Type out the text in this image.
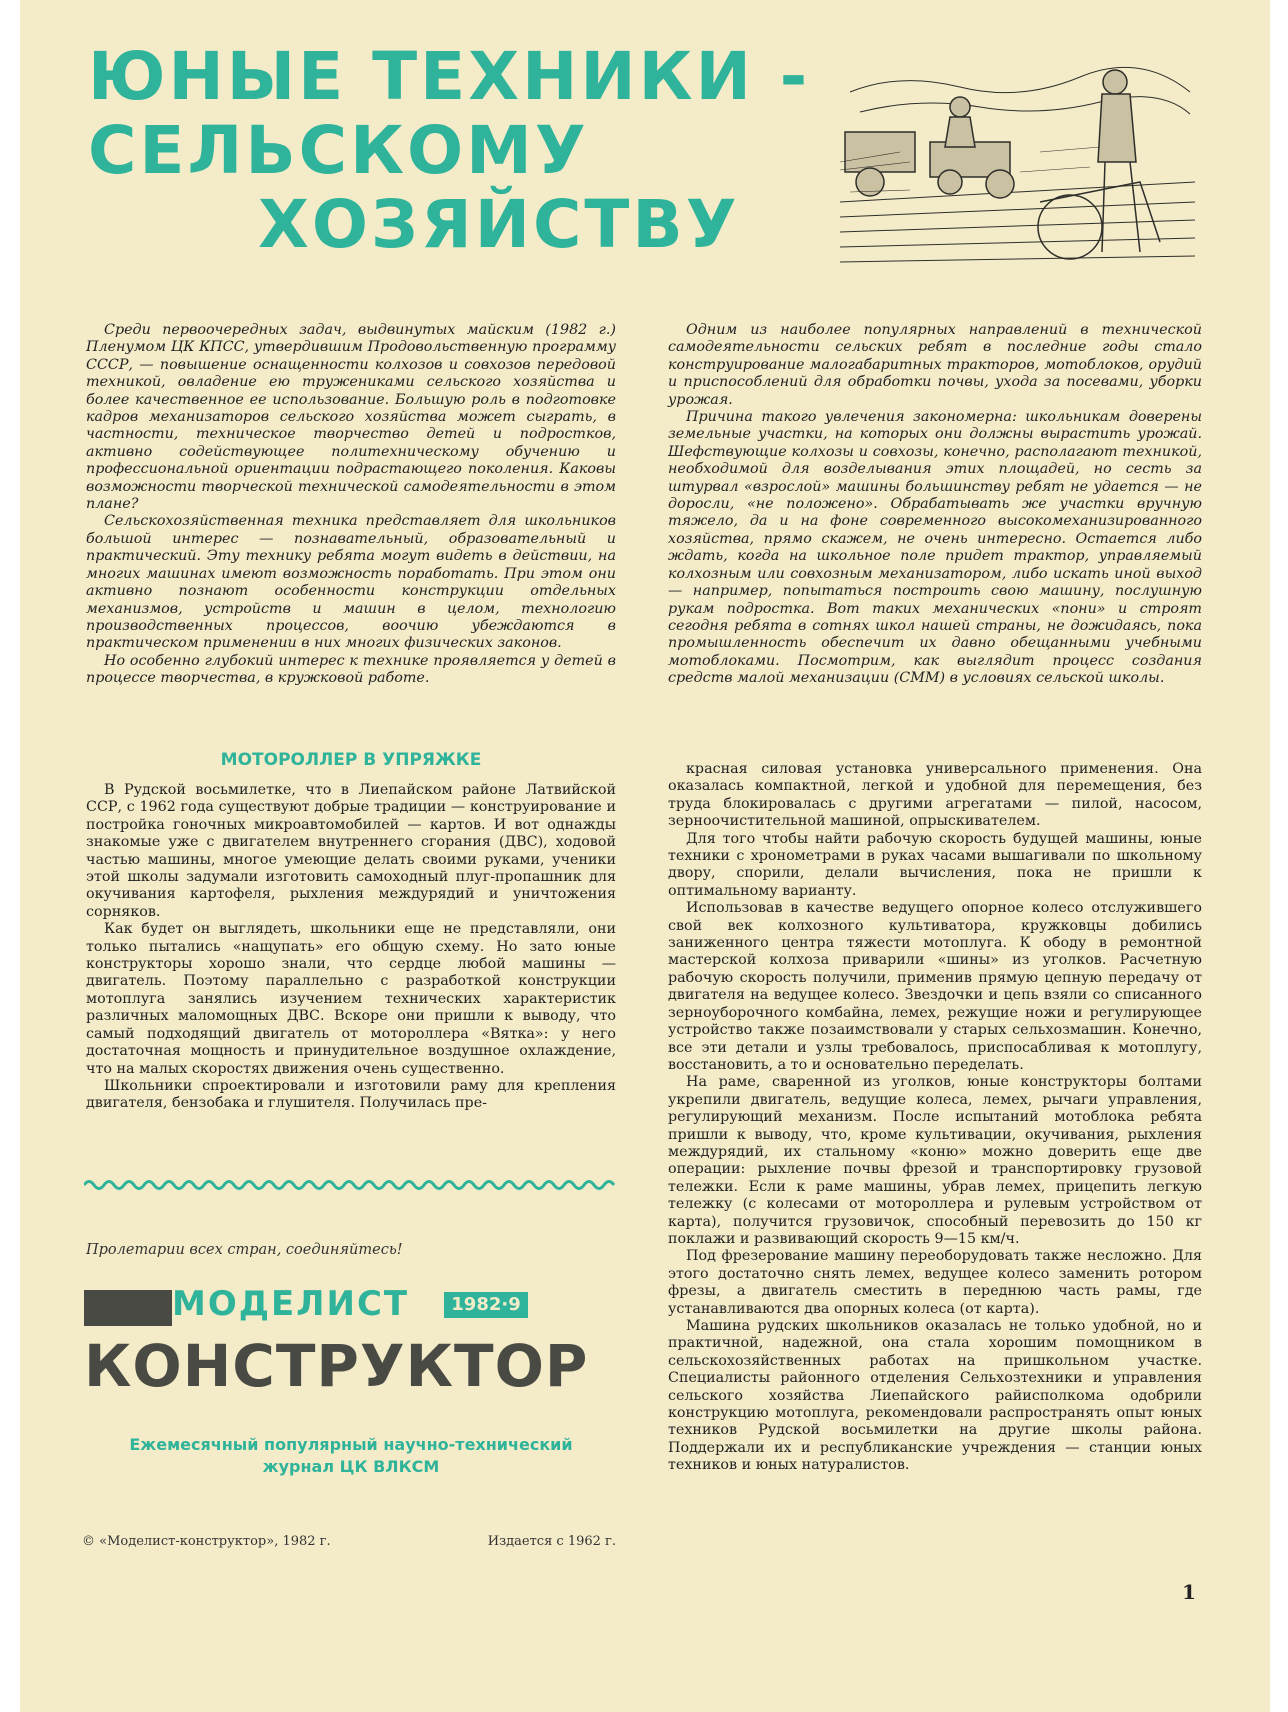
ЮНЫЕ ТЕХНИКИ -
СЕЛЬСКОМУ
ХОЗЯЙСТВУ

Среди первоочередных задач, выдвинутых майским (1982 г.) Пленумом ЦК КПСС, утвердившим Продовольственную программу СССР, — повышение оснащенности колхозов и совхозов передовой техникой, овладение ею тружениками сельского хозяйства и более качественное ее использование. Большую роль в подготовке кадров механизаторов сельского хозяйства может сыграть, в частности, техническое творчество детей и подростков, активно содействующее политехническому обучению и профессиональной ориентации подрастающего поколения. Каковы возможности творческой технической самодеятельности в этом плане?

Сельскохозяйственная техника представляет для школьников большой интерес — познавательный, образовательный и практический. Эту технику ребята могут видеть в действии, на многих машинах имеют возможность поработать. При этом они активно познают особенности конструкции отдельных механизмов, устройств и машин в целом, технологию производственных процессов, воочию убеждаются в практическом применении в них многих физических законов.

Но особенно глубокий интерес к технике проявляется у детей в процессе творчества, в кружковой работе.

Одним из наиболее популярных направлений в технической самодеятельности сельских ребят в последние годы стало конструирование малогабаритных тракторов, мотоблоков, орудий и приспособлений для обработки почвы, ухода за посевами, уборки урожая.

Причина такого увлечения закономерна: школьникам доверены земельные участки, на которых они должны вырастить урожай. Шефствующие колхозы и совхозы, конечно, располагают техникой, необходимой для возделывания этих площадей, но сесть за штурвал «взрослой» машины большинству ребят не удается — не доросли, «не положено». Обрабатывать же участки вручную тяжело, да и на фоне современного высокомеханизированного хозяйства, прямо скажем, не очень интересно. Остается либо ждать, когда на школьное поле придет трактор, управляемый колхозным или совхозным механизатором, либо искать иной выход — например, попытаться построить свою машину, послушную рукам подростка. Вот таких механических «пони» и строят сегодня ребята в сотнях школ нашей страны, не дожидаясь, пока промышленность обеспечит их давно обещанными учебными мотоблоками. Посмотрим, как выглядит процесс создания средств малой механизации (СММ) в условиях сельской школы.

МОТОРОЛЛЕР В УПРЯЖКЕ

В Рудской восьмилетке, что в Лиепайском районе Латвийской ССР, с 1962 года существуют добрые традиции — конструирование и постройка гоночных микроавтомобилей — картов. И вот однажды знакомые уже с двигателем внутреннего сгорания (ДВС), ходовой частью машины, многое умеющие делать своими руками, ученики этой школы задумали изготовить самоходный плуг-пропашник для окучивания картофеля, рыхления междурядий и уничтожения сорняков.

Как будет он выглядеть, школьники еще не представляли, они только пытались «нащупать» его общую схему. Но зато юные конструкторы хорошо знали, что сердце любой машины — двигатель. Поэтому параллельно с разработкой конструкции мотоплуга занялись изучением технических характеристик различных маломощных ДВС. Вскоре они пришли к выводу, что самый подходящий двигатель от мотороллера «Вятка»: у него достаточная мощность и принудительное воздушное охлаждение, что на малых скоростях движения очень существенно.

Школьники спроектировали и изготовили раму для крепления двигателя, бензобака и глушителя. Получилась пре-

красная силовая установка универсального применения. Она оказалась компактной, легкой и удобной для перемещения, без труда блокировалась с другими агрегатами — пилой, насосом, зерноочистительной машиной, опрыскивателем.

Для того чтобы найти рабочую скорость будущей машины, юные техники с хронометрами в руках часами вышагивали по школьному двору, спорили, делали вычисления, пока не пришли к оптимальному варианту.

Использовав в качестве ведущего опорное колесо отслужившего свой век колхозного культиватора, кружковцы добились заниженного центра тяжести мотоплуга. К ободу в ремонтной мастерской колхоза приварили «шины» из уголков. Расчетную рабочую скорость получили, применив прямую цепную передачу от двигателя на ведущее колесо. Звездочки и цепь взяли со списанного зерноуборочного комбайна, лемех, режущие ножи и регулирующее устройство также позаимствовали у старых сельхозмашин. Конечно, все эти детали и узлы требовалось, приспосабливая к мотоплугу, восстановить, а то и основательно переделать.

На раме, сваренной из уголков, юные конструкторы болтами укрепили двигатель, ведущие колеса, лемех, рычаги управления, регулирующий механизм. После испытаний мотоблока ребята пришли к выводу, что, кроме культивации, окучивания, рыхления междурядий, их стальному «коню» можно доверить еще две операции: рыхление почвы фрезой и транспортировку грузовой тележки. Если к раме машины, убрав лемех, прицепить легкую тележку (с колесами от мотороллера и рулевым устройством от карта), получится грузовичок, способный перевозить до 150 кг поклажи и развивающий скорость 9—15 км/ч.

Под фрезерование машину переоборудовать также несложно. Для этого достаточно снять лемех, ведущее колесо заменить ротором фрезы, а двигатель сместить в переднюю часть рамы, где устанавливаются два опорных колеса (от карта).

Машина рудских школьников оказалась не только удобной, но и практичной, надежной, она стала хорошим помощником в сельскохозяйственных работах на пришкольном участке. Специалисты районного отделения Сельхозтехники и управления сельского хозяйства Лиепайского райисполкома одобрили конструкцию мотоплуга, рекомендовали распространять опыт юных техников Рудской восьмилетки на другие школы района. Поддержали их и республиканские учреждения — станции юных техников и юных натуралистов.

Пролетарии всех стран, соединяйтесь!
МОДЕЛИСТ	1982·9
КОНСТРУКТОР
Ежемесячный популярный научно-технический
журнал ЦК ВЛКСМ
© «Моделист-конструктор», 1982 г.	Издается с 1962 г.
1
